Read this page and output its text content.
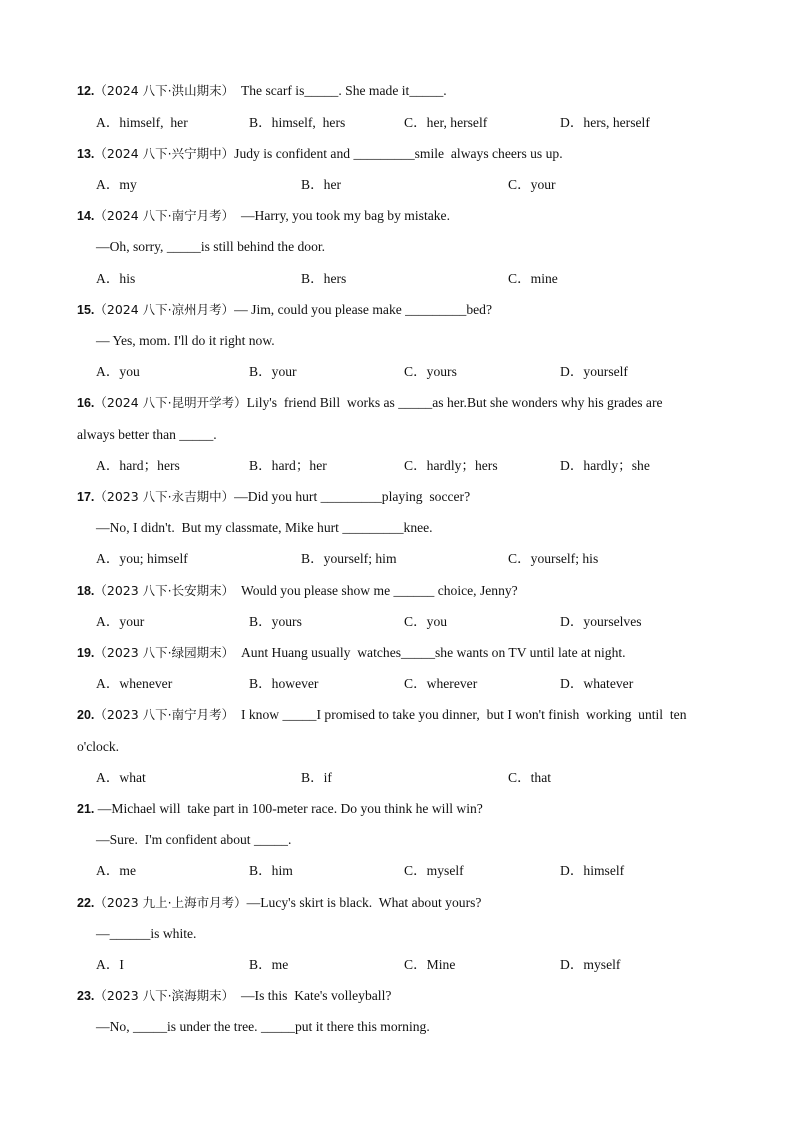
12.（2024 八下·洪山期末）  The scarf is_____. She made it_____.
A．himself,  her	B．himself,  hers	C．her, herself	D．hers, herself
13.（2024 八下·兴宁期中）Judy is confident and _________smile  always cheers us up.
A．my	B．her	C．your
14.（2024 八下·南宁月考）  —Harry, you took my bag by mistake.
—Oh, sorry, _____is still behind the door.
A．his	B．hers	C．mine
15.（2024 八下·凉州月考）— Jim, could you please make _________bed?
— Yes, mom. I'll do it right now.
A．you	B．your	C．yours	D．yourself
16.（2024 八下·昆明开学考）Lily's  friend Bill  works as _____as her.But she wonders why his grades are
always better than _____.
A．hard；hers	B．hard；her	C．hardly；hers	D．hardly；she
17.（2023 八下·永吉期中）—Did you hurt _________playing  soccer?
—No, I didn't.  But my classmate, Mike hurt _________knee.
A．you; himself	B．yourself; him	C．yourself; his
18.（2023 八下·长安期末）  Would you please show me ______ choice, Jenny?
A．your	B．yours	C．you	D．yourselves
19.（2023 八下·绿园期末）  Aunt Huang usually  watches_____she wants on TV until late at night.
A．whenever	B．however	C．wherever	D．whatever
20.（2023 八下·南宁月考）  I know _____I promised to take you dinner,  but I won't finish  working  until  ten
o'clock.
A．what	B．if	C．that
21. —Michael will  take part in 100-meter race. Do you think he will win?
—Sure.  I'm confident about _____.
A．me	B．him	C．myself	D．himself
22.（2023 九上·上海市月考）—Lucy's skirt is black.  What about yours?
—______is white.
A．I	B．me	C．Mine	D．myself
23.（2023 八下·滨海期末）  —Is this  Kate's volleyball?
—No, _____is under the tree. _____put it there this morning.
